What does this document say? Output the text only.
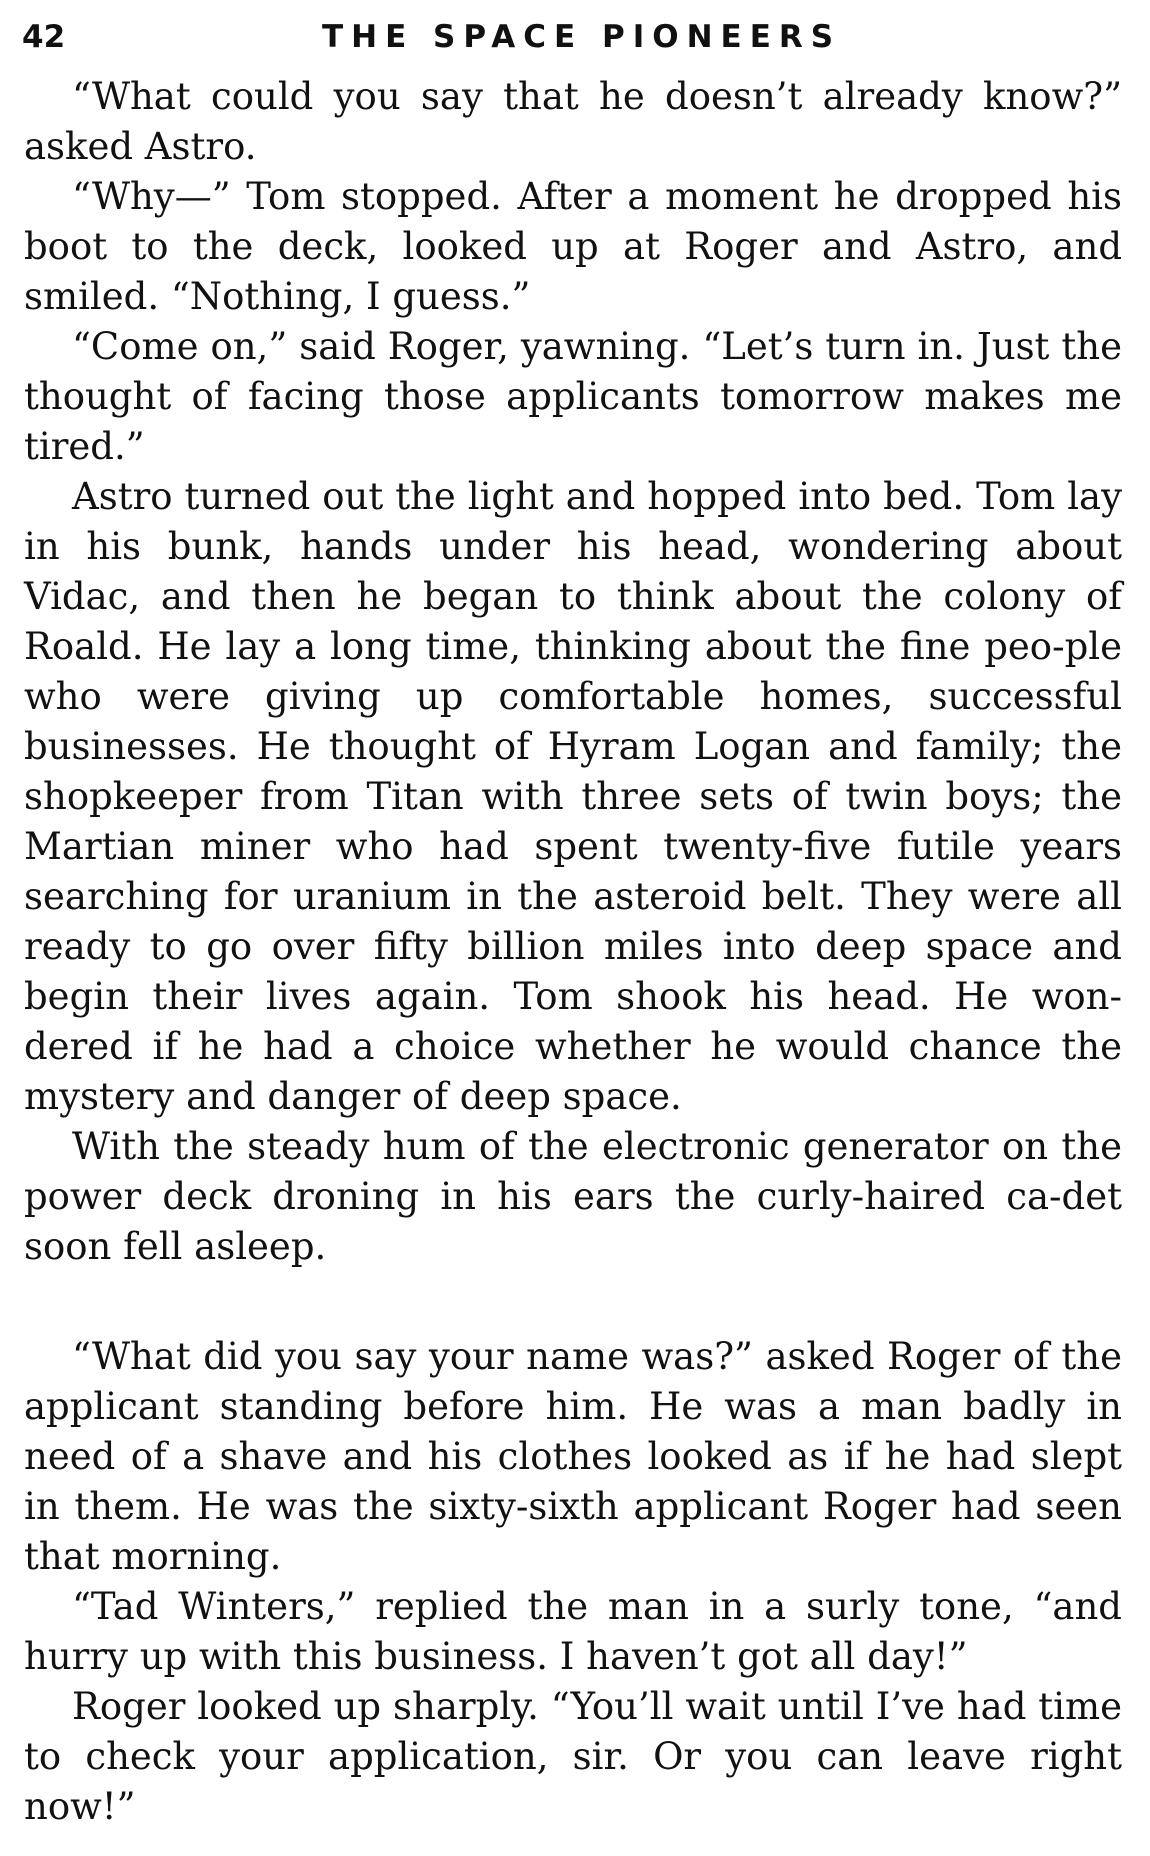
42	THE SPACE PIONEERS

“What could you say that he doesn’t already know?” asked Astro.

“Why—” Tom stopped. After a moment he dropped his boot to the deck, looked up at Roger and Astro, and smiled. “Nothing, I guess.”

“Come on,” said Roger, yawning. “Let’s turn in. Just the thought of facing those applicants tomorrow makes me tired.”

Astro turned out the light and hopped into bed. Tom lay in his bunk, hands under his head, wondering about Vidac, and then he began to think about the colony of Roald. He lay a long time, thinking about the fine peo-ple who were giving up comfortable homes, successful businesses. He thought of Hyram Logan and family; the shopkeeper from Titan with three sets of twin boys; the Martian miner who had spent twenty-five futile years searching for uranium in the asteroid belt. They were all ready to go over fifty billion miles into deep space and begin their lives again. Tom shook his head. He won-dered if he had a choice whether he would chance the mystery and danger of deep space.

With the steady hum of the electronic generator on the power deck droning in his ears the curly-haired ca-det soon fell asleep.

“What did you say your name was?” asked Roger of the applicant standing before him. He was a man badly in need of a shave and his clothes looked as if he had slept in them. He was the sixty-sixth applicant Roger had seen that morning.

“Tad Winters,” replied the man in a surly tone, “and hurry up with this business. I haven’t got all day!”

Roger looked up sharply. “You’ll wait until I’ve had time to check your application, sir. Or you can leave right now!”
